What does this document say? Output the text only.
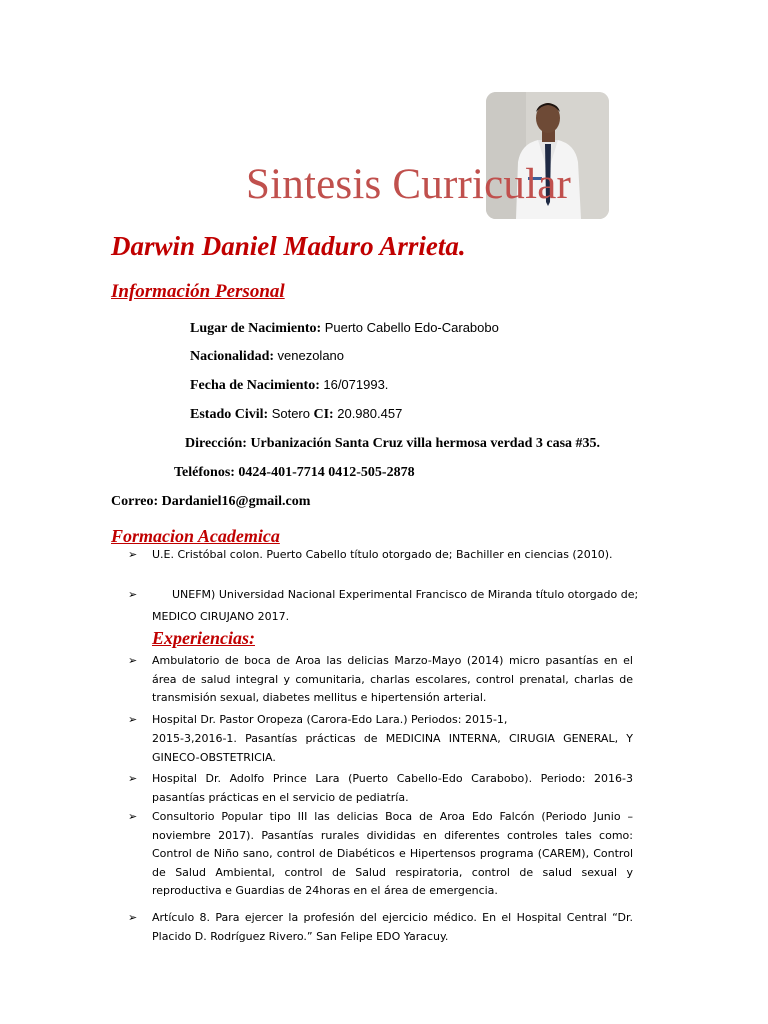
Sintesis Curricular
Darwin Daniel Maduro Arrieta.
Información Personal
Lugar de Nacimiento: Puerto Cabello Edo-Carabobo
Nacionalidad: venezolano
Fecha de Nacimiento: 16/071993.
Estado Civil: Sotero CI: 20.980.457
Dirección: Urbanización Santa Cruz villa hermosa verdad 3 casa #35.
Teléfonos: 0424-401-7714 0412-505-2878
Correo: Dardaniel16@gmail.com
Formacion Academica
➢ U.E. Cristóbal colon. Puerto Cabello título otorgado de; Bachiller en ciencias (2010).
➢	UNEFM) Universidad Nacional Experimental Francisco de Miranda título otorgado de;
MEDICO CIRUJANO 2017.
Experiencias:
➢ Ambulatorio de boca de Aroa las delicias Marzo-Mayo (2014) micro pasantías en el área de salud integral y comunitaria, charlas escolares, control prenatal, charlas de transmisión sexual, diabetes mellitus e hipertensión arterial.
➢ Hospital Dr. Pastor Oropeza (Carora-Edo Lara.) Periodos: 2015-1,
2015-3,2016-1. Pasantías prácticas de MEDICINA INTERNA, CIRUGIA GENERAL, Y GINECO-OBSTETRICIA.
➢ Hospital Dr. Adolfo Prince Lara (Puerto Cabello-Edo Carabobo). Periodo: 2016-3 pasantías prácticas en el servicio de pediatría.
➢ Consultorio Popular tipo III las delicias Boca de Aroa Edo Falcón (Periodo Junio –noviembre 2017). Pasantías rurales divididas en diferentes controles tales como: Control de Niño sano, control de Diabéticos e Hipertensos programa (CAREM), Control de Salud Ambiental, control de Salud respiratoria, control de salud sexual y reproductiva e Guardias de 24horas en el área de emergencia.
➢ Artículo 8. Para ejercer la profesión del ejercicio médico. En el Hospital Central “Dr. Placido D. Rodríguez Rivero.” San Felipe EDO Yaracuy.
